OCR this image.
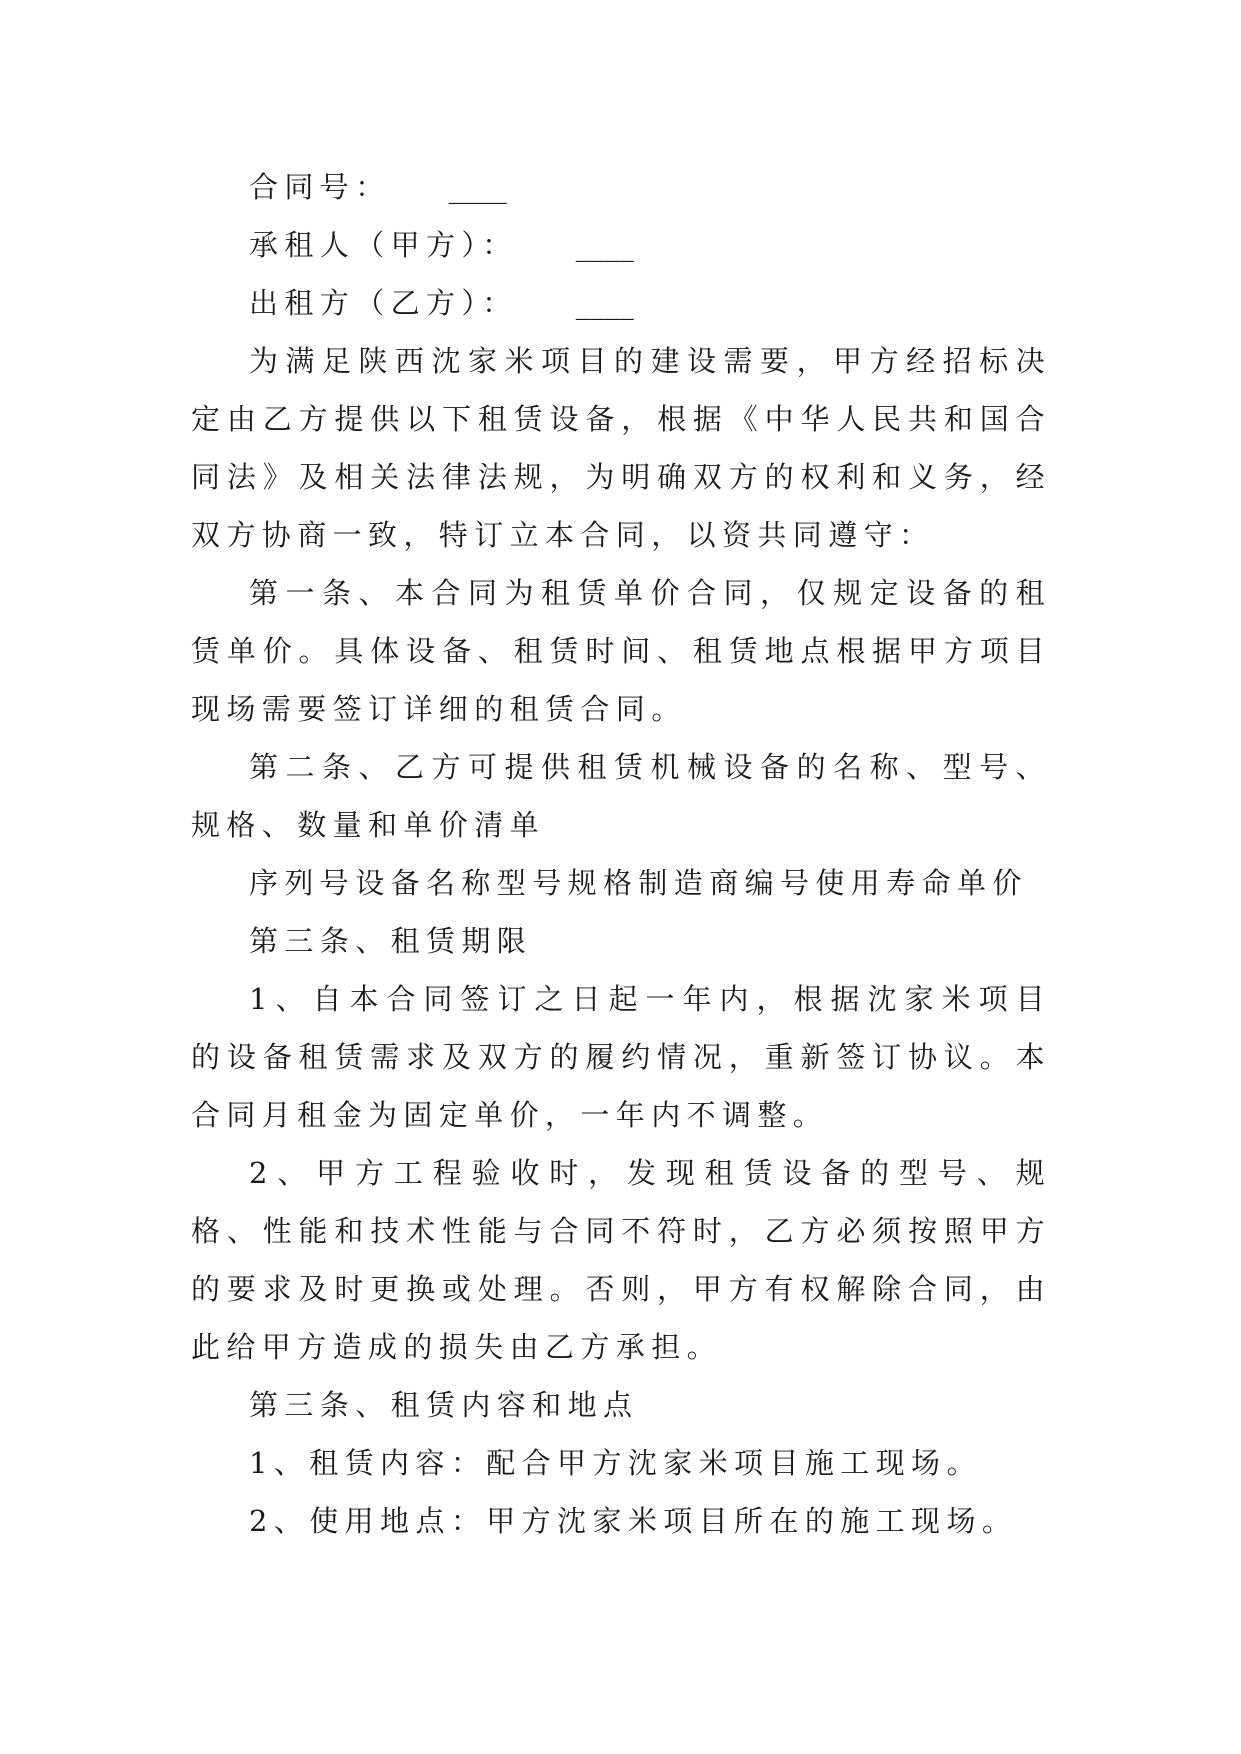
合同号： ____

承租人（甲方）： ____

出租方（乙方）： ____

为满足陕西沈家米项目的建设需要，甲方经招标决定由乙方提供以下租赁设备，根据《中华人民共和国合同法》及相关法律法规，为明确双方的权利和义务，经双方协商一致，特订立本合同，以资共同遵守：

第一条、本合同为租赁单价合同，仅规定设备的租赁单价。具体设备、租赁时间、租赁地点根据甲方项目现场需要签订详细的租赁合同。

第二条、乙方可提供租赁机械设备的名称、型号、规格、数量和单价清单

序列号设备名称型号规格制造商编号使用寿命单价

第三条、租赁期限

1、自本合同签订之日起一年内，根据沈家米项目的设备租赁需求及双方的履约情况，重新签订协议。本合同月租金为固定单价，一年内不调整。

2、甲方工程验收时，发现租赁设备的型号、规格、性能和技术性能与合同不符时，乙方必须按照甲方的要求及时更换或处理。否则，甲方有权解除合同，由此给甲方造成的损失由乙方承担。

第三条、租赁内容和地点

1、租赁内容：配合甲方沈家米项目施工现场。

2、使用地点：甲方沈家米项目所在的施工现场。
